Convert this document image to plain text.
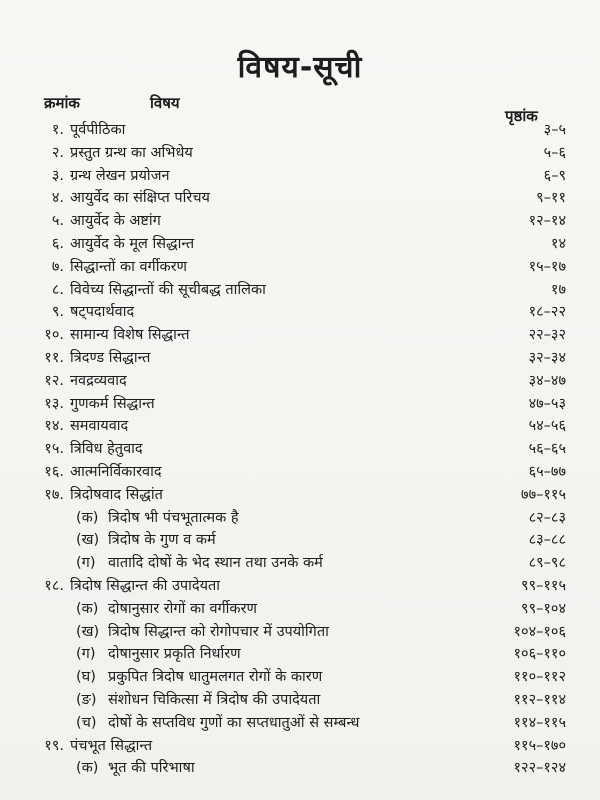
विषय-सूची
क्रमांक	विषय
पृष्ठांक
१. पूर्वपीठिका	३–५
२. प्रस्तुत ग्रन्थ का अभिधेय	५–६
३. ग्रन्थ लेखन प्रयोजन	६–९
४. आयुर्वेद का संक्षिप्त परिचय	९–११
५. आयुर्वेद के अष्टांग	१२–१४
६. आयुर्वेद के मूल सिद्धान्त	१४
७. सिद्धान्तों का वर्गीकरण	१५–१७
८. विवेच्य सिद्धान्तों की सूचीबद्ध तालिका	१७
९. षट्पदार्थवाद	१८–२२
१०. सामान्य विशेष सिद्धान्त	२२–३२
११. त्रिदण्ड सिद्धान्त	३२–३४
१२. नवद्रव्यवाद	३४–४७
१३. गुणकर्म सिद्धान्त	४७–५३
१४. समवायवाद	५४–५६
१५. त्रिविध हेतुवाद	५६–६५
१६. आत्मनिर्विकारवाद	६५–७७
१७. त्रिदोषवाद सिद्धांत	७७–११५
(क) त्रिदोष भी पंचभूतात्मक है	८२–८३
(ख) त्रिदोष के गुण व कर्म	८३–८८
(ग) वातादि दोषों के भेद स्थान तथा उनके कर्म	८९–९८
१८. त्रिदोष सिद्धान्त की उपादेयता	९९–११५
(क) दोषानुसार रोगों का वर्गीकरण	९९–१०४
(ख) त्रिदोष सिद्धान्त को रोगोपचार में उपयोगिता	१०४–१०६
(ग) दोषानुसार प्रकृति निर्धारण	१०६–११०
(घ) प्रकुपित त्रिदोष धातुमलगत रोगों के कारण	११०–११२
(ङ) संशोधन चिकित्सा में त्रिदोष की उपादेयता	११२–११४
(च) दोषों के सप्तविध गुणों का सप्तधातुओं से सम्बन्ध	११४–११५
१९. पंचभूत सिद्धान्त	११५–१७०
(क) भूत की परिभाषा	१२२–१२४
